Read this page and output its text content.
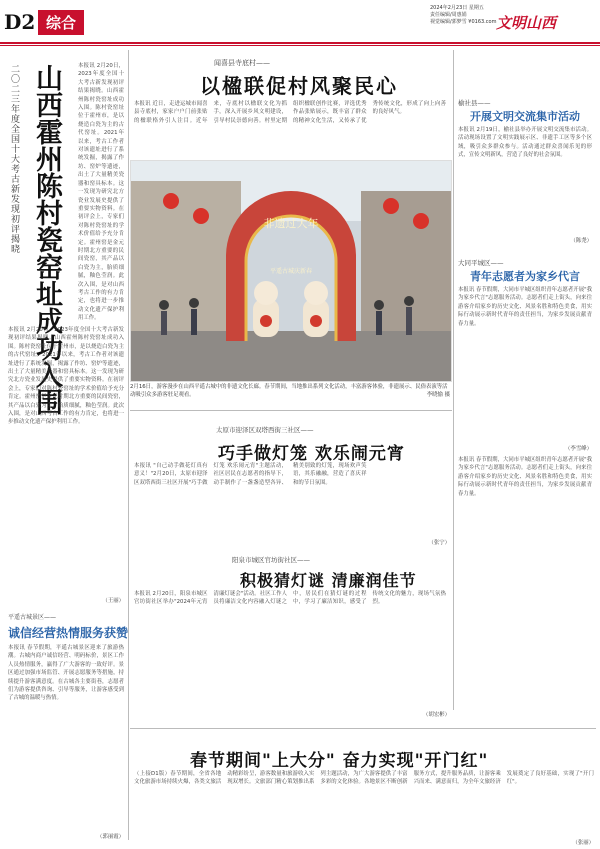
D2 综合
2024年2月23日 星期五
责任编辑/周惠娟
视觉编辑/郭梦雪 ¥0163.com 文明山西
二〇二三年度全国十大考古新发现初评揭晓 山西霍州陈村瓷窑址成功入围	本报讯 2月20日，2023年度全国十大考古新发现初评结果揭晓。山西霍州陈村瓷窑址成功入围。陈村瓷窑址位于霍州市，是以烧造白瓷为主的古代窑址。2021年以来，考古工作者对该遗址进行了系统发掘，揭露了作坊、窑炉等遗迹，出土了大量精美瓷器和窑具标本。这一发现为研究北方瓷业发展史提供了重要实物资料。在初评会上，专家们对陈村瓷窑址的学术价值给予充分肯定。霍州窑是金元时期北方重要的民间瓷窑，其产品以白瓷为主，胎质细腻，釉色莹润。此次入围，是对山西考古工作的有力肯定，也将进一步推动文化遗产保护利用工作。
本报讯 2月20日，2023年度全国十大考古新发现初评结果揭晓。山西霍州陈村瓷窑址成功入围。陈村瓷窑址位于霍州市，是以烧造白瓷为主的古代窑址。2021年以来，考古工作者对该遗址进行了系统发掘，揭露了作坊、窑炉等遗迹，出土了大量精美瓷器和窑具标本。这一发现为研究北方瓷业发展史提供了重要实物资料。在初评会上，专家们对陈村瓷窑址的学术价值给予充分肯定。霍州窑是金元时期北方重要的民间瓷窑，其产品以白瓷为主，胎质细腻，釉色莹润。此次入围，是对山西考古工作的有力肯定，也将进一步推动文化遗产保护利用工作。
（王丽）
平遥古城景区——
诚信经营热情服务获赞
本报讯 春节假期，平遥古城景区迎来了旅游热潮。古城内商户诚信经营、明码标价，景区工作人员热情服务，赢得了广大游客的一致好评。景区通过加强市场监管、开展志愿服务等措施，持续提升游客满意度。在古城各主要街巷，志愿者们为游客提供咨询、引导等服务，让游客感受到了古城的温暖与热情。
（郭丽霞）
闻喜县寺底村——
以楹联促村风聚民心
本报讯 近日，走进运城市闻喜县寺底村，家家户户门前张贴的楹联格外引人注目。近年来，寺底村以楹联文化为抓手，深入开展乡风文明建设，引导村民崇德向善。村里定期组织楹联创作比赛，评选优秀作品张贴展示，既丰富了群众的精神文化生活，又传承了优秀传统文化，形成了向上向善的良好风气。
非遗过大年
平遥古城庆新春
2月16日，游客漫步在山西平遥古城中的非遗文化长廊。春节期间，当地推出系列文化活动，丰富游客体验，非遗展示、民俗表演等活动吸引众多游客驻足观看。	李晓愉 摄
榆社县——
开展文明交流集市活动
本报讯 2月19日，榆社县举办开展文明交流集市活动。活动现场设置了文明实践展示区、非遗手工区等多个区域，吸引众多群众参与。活动通过群众喜闻乐见的形式，宣传文明新风，营造了良好的社会氛围。
（陈尧）
大同平城区——
青年志愿者为家乡代言
本报讯 春节假期，大同市平城区组织青年志愿者开展"我为家乡代言"志愿服务活动。志愿者们走上街头，向来往游客介绍家乡的历史文化、风景名胜和特色美食，用实际行动展示新时代青年的责任担当，为家乡发展贡献青春力量。
（李雪峰）
本报讯 春节假期，大同市平城区组织青年志愿者开展"我为家乡代言"志愿服务活动。志愿者们走上街头，向来往游客介绍家乡的历史文化、风景名胜和特色美食，用实际行动展示新时代青年的责任担当，为家乡发展贡献青春力量。
太原市迎泽区双塔西街三社区——
巧手做灯笼 欢乐闹元宵
本报讯 "自己动手做花灯真有意义！"2月20日，太原市迎泽区双塔西街三社区开展"巧手做灯笼 欢乐闹元宵"主题活动，社区居民在志愿者的指导下，动手制作了一盏盏造型各异、精美别致的灯笼，现场欢声笑语，其乐融融，营造了喜庆祥和的节日氛围。
（张宁）
阳泉市城区官坊街社区——
积极猜灯谜 清廉润佳节
本报讯 2月20日，阳泉市城区官坊街社区举办"2024年元宵清廉灯谜会"活动。社区工作人员将廉洁文化内容融入灯谜之中，居民们在猜灯谜的过程中，学习了廉洁知识，感受了传统文化的魅力，现场气氛热烈。
（胡宏彬）
春节期间"上大分" 奋力实现"开门红"
（上接D1版）春节期间，全省各地文化旅游市场持续火爆，各类文旅活动精彩纷呈，游客数量和旅游收入实现双增长。文旅部门精心策划推出系列主题活动，为广大游客提供了丰富多彩的文化体验。各地景区不断创新服务方式，提升服务品质，让游客乘兴而来、满意而归，为全年文旅经济发展奠定了良好基础，实现了"开门红"。
（张丽）
